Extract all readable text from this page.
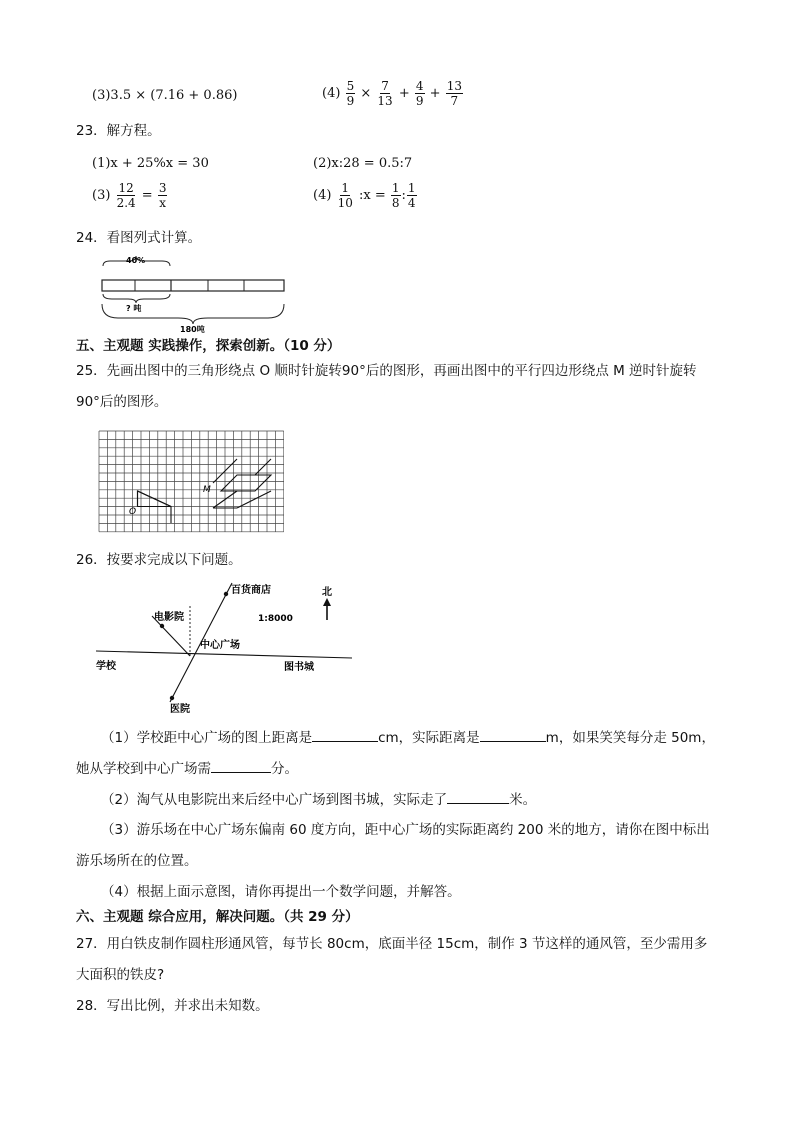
(3)3.5 × (7.16 + 0.86)	$(4) \frac{5}{9} \times \frac{7}{13} + \frac{4}{9} + \frac{13}{7}$
23．解方程。
(1)x + 25%x = 30	(2)x:28 = 0.5:7
$(3) \frac{12}{2.4} = \frac{3}{x}$	$(4) \frac{1}{10}$ :x = $\frac{1}{8}$ : $\frac{1}{4}$
24．看图列式计算。
40%
? 吨
180吨
五、主观题 实践操作，探索创新。（10 分）
25．先画出图中的三角形绕点 O 顺时针旋转90°后的图形，再画出图中的平行四边形绕点 M 逆时针旋转
90°后的图形。
O
M
26．按要求完成以下问题。
百货商店
电影院	1:8000
北
中心广场
学校	图书城
医院
（1）学校距中心广场的图上距离是	cm，实际距离是	m，如果笑笑每分走 50m，
她从学校到中心广场需	分。
（2）淘气从电影院出来后经中心广场到图书城，实际走了	米。
（3）游乐场在中心广场东偏南 60 度方向，距中心广场的实际距离约 200 米的地方，请你在图中标出
游乐场所在的位置。
（4）根据上面示意图，请你再提出一个数学问题，并解答。
六、主观题 综合应用，解决问题。（共 29 分）
27．用白铁皮制作圆柱形通风管，每节长 80cm，底面半径 15cm，制作 3 节这样的通风管，至少需用多
大面积的铁皮?
28．写出比例，并求出未知数。
